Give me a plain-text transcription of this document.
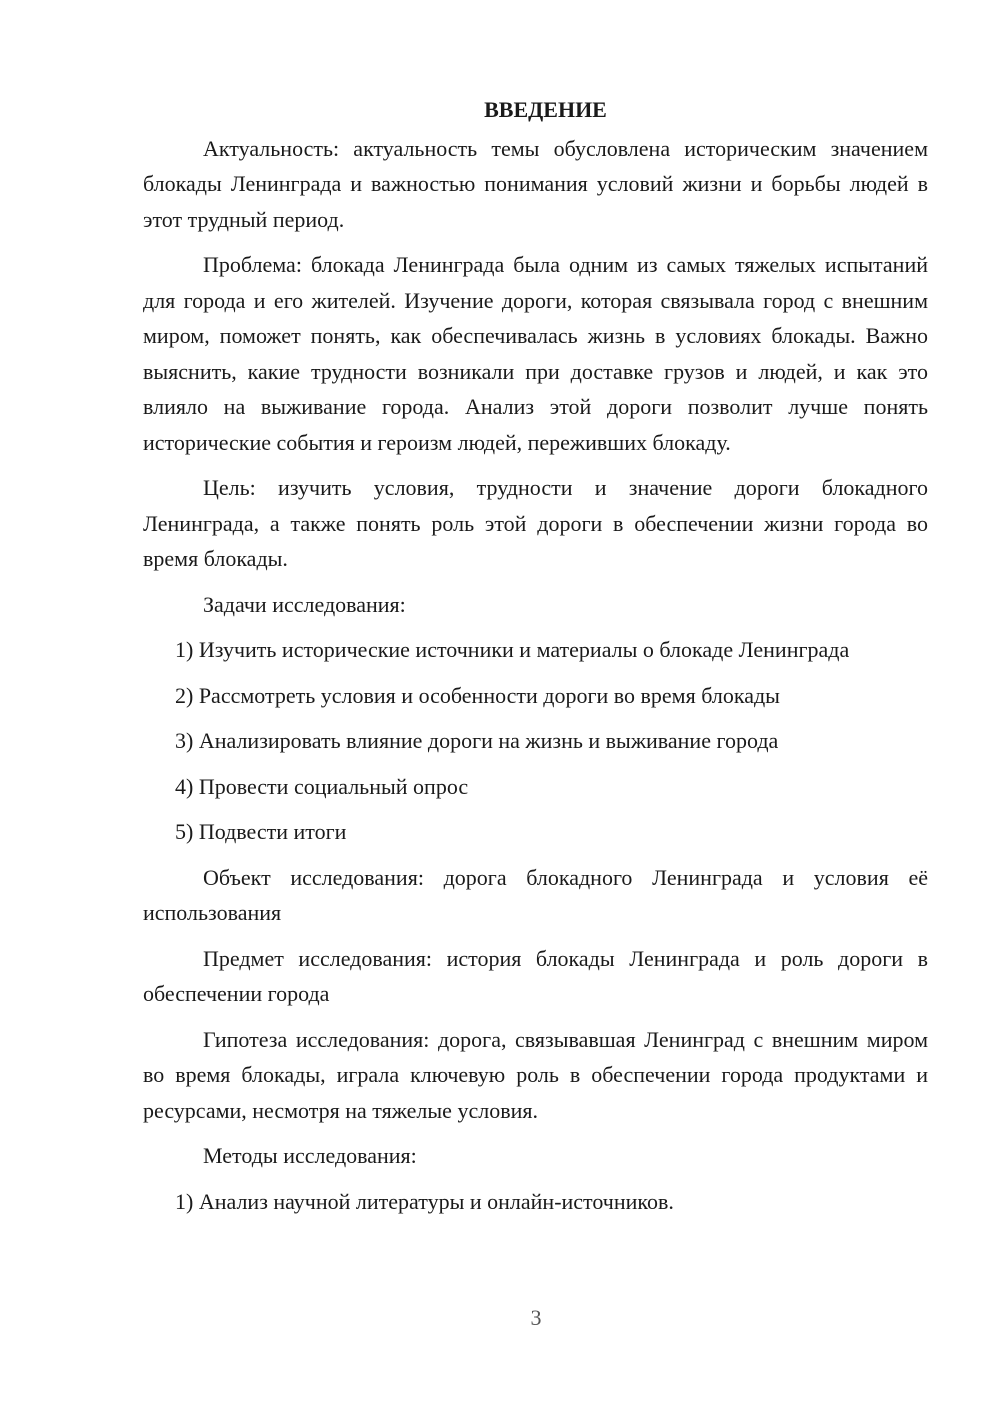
ВВЕДЕНИЕ

Актуальность: актуальность темы обусловлена историческим значением блокады Ленинграда и важностью понимания условий жизни и борьбы людей в этот трудный период.

Проблема: блокада Ленинграда была одним из самых тяжелых испытаний для города и его жителей. Изучение дороги, которая связывала город с внешним миром, поможет понять, как обеспечивалась жизнь в условиях блокады. Важно выяснить, какие трудности возникали при доставке грузов и людей, и как это влияло на выживание города. Анализ этой дороги позволит лучше понять исторические события и героизм людей, переживших блокаду.

Цель: изучить условия, трудности и значение дороги блокадного Ленинграда, а также понять роль этой дороги в обеспечении жизни города во время блокады.

Задачи исследования:

1) Изучить исторические источники и материалы о блокаде Ленинграда

2) Рассмотреть условия и особенности дороги во время блокады

3) Анализировать влияние дороги на жизнь и выживание города

4) Провести социальный опрос

5) Подвести итоги

Объект исследования: дорога блокадного Ленинграда и условия её использования

Предмет исследования: история блокады Ленинграда и роль дороги в обеспечении города

Гипотеза исследования: дорога, связывавшая Ленинград с внешним миром во время блокады, играла ключевую роль в обеспечении города продуктами и ресурсами, несмотря на тяжелые условия.

Методы исследования:

1) Анализ научной литературы и онлайн-источников.

3
